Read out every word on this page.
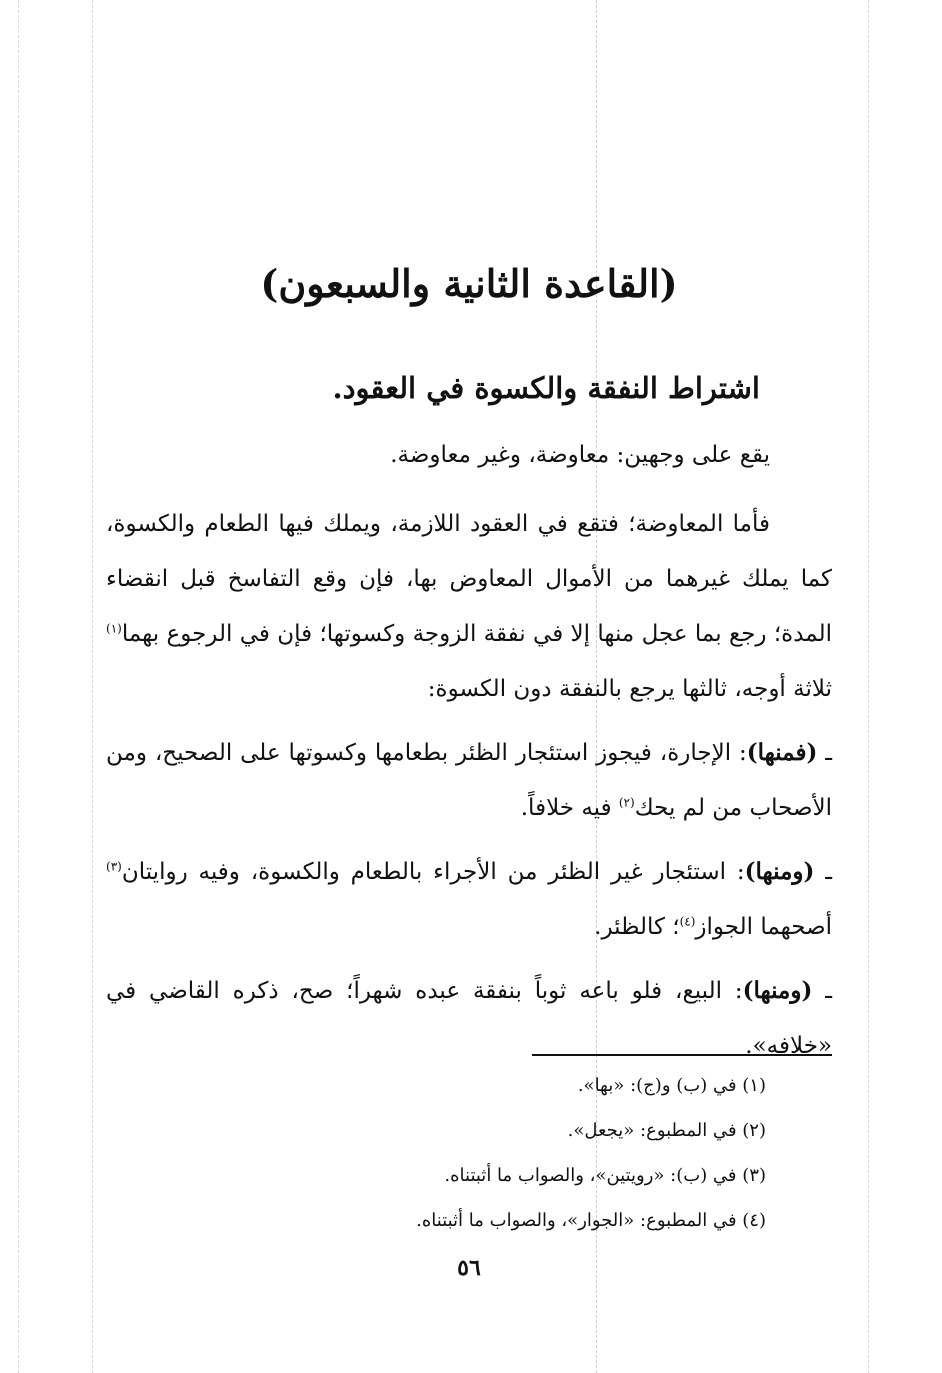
(القاعدة الثانية والسبعون)
اشتراط النفقة والكسوة في العقود.

يقع على وجهين: معاوضة، وغير معاوضة.

فأما المعاوضة؛ فتقع في العقود اللازمة، ويملك فيها الطعام والكسوة، كما يملك غيرهما من الأموال المعاوض بها، فإن وقع التفاسخ قبل انقضاء المدة؛ رجع بما عجل منها إلا في نفقة الزوجة وكسوتها؛ فإن في الرجوع بهما$^{(١)}$ ثلاثة أوجه، ثالثها يرجع بالنفقة دون الكسوة:

ـ (فمنها): الإجارة، فيجوز استئجار الظئر بطعامها وكسوتها على الصحيح، ومن الأصحاب من لم يحك$^{(٢)}$ فيه خلافاً.

ـ (ومنها): استئجار غير الظئر من الأجراء بالطعام والكسوة، وفيه روايتان$^{(٣)}$ أصحهما الجواز$^{(٤)}$؛ كالظئر.

ـ (ومنها): البيع، فلو باعه ثوباً بنفقة عبده شهراً؛ صح، ذكره القاضي في «خلافه».

(١) في (ب) و(ج): «بها».
(٢) في المطبوع: «يجعل».
(٣) في (ب): «رويتين»، والصواب ما أثبتناه.
(٤) في المطبوع: «الجوار»، والصواب ما أثبتناه.
٥٦
